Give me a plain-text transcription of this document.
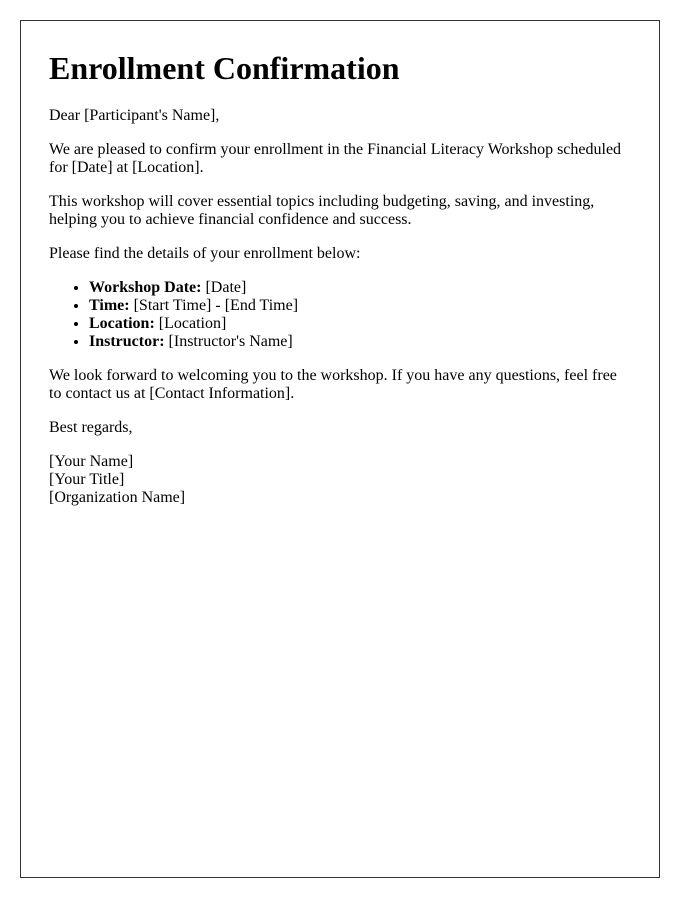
Enrollment Confirmation

Dear [Participant's Name],

We are pleased to confirm your enrollment in the Financial Literacy Workshop scheduled for [Date] at [Location].

This workshop will cover essential topics including budgeting, saving, and investing, helping you to achieve financial confidence and success.

Please find the details of your enrollment below:

• Workshop Date: [Date]
• Time: [Start Time] - [End Time]
• Location: [Location]
• Instructor: [Instructor's Name]

We look forward to welcoming you to the workshop. If you have any questions, feel free to contact us at [Contact Information].

Best regards,

[Your Name]
[Your Title]
[Organization Name]
